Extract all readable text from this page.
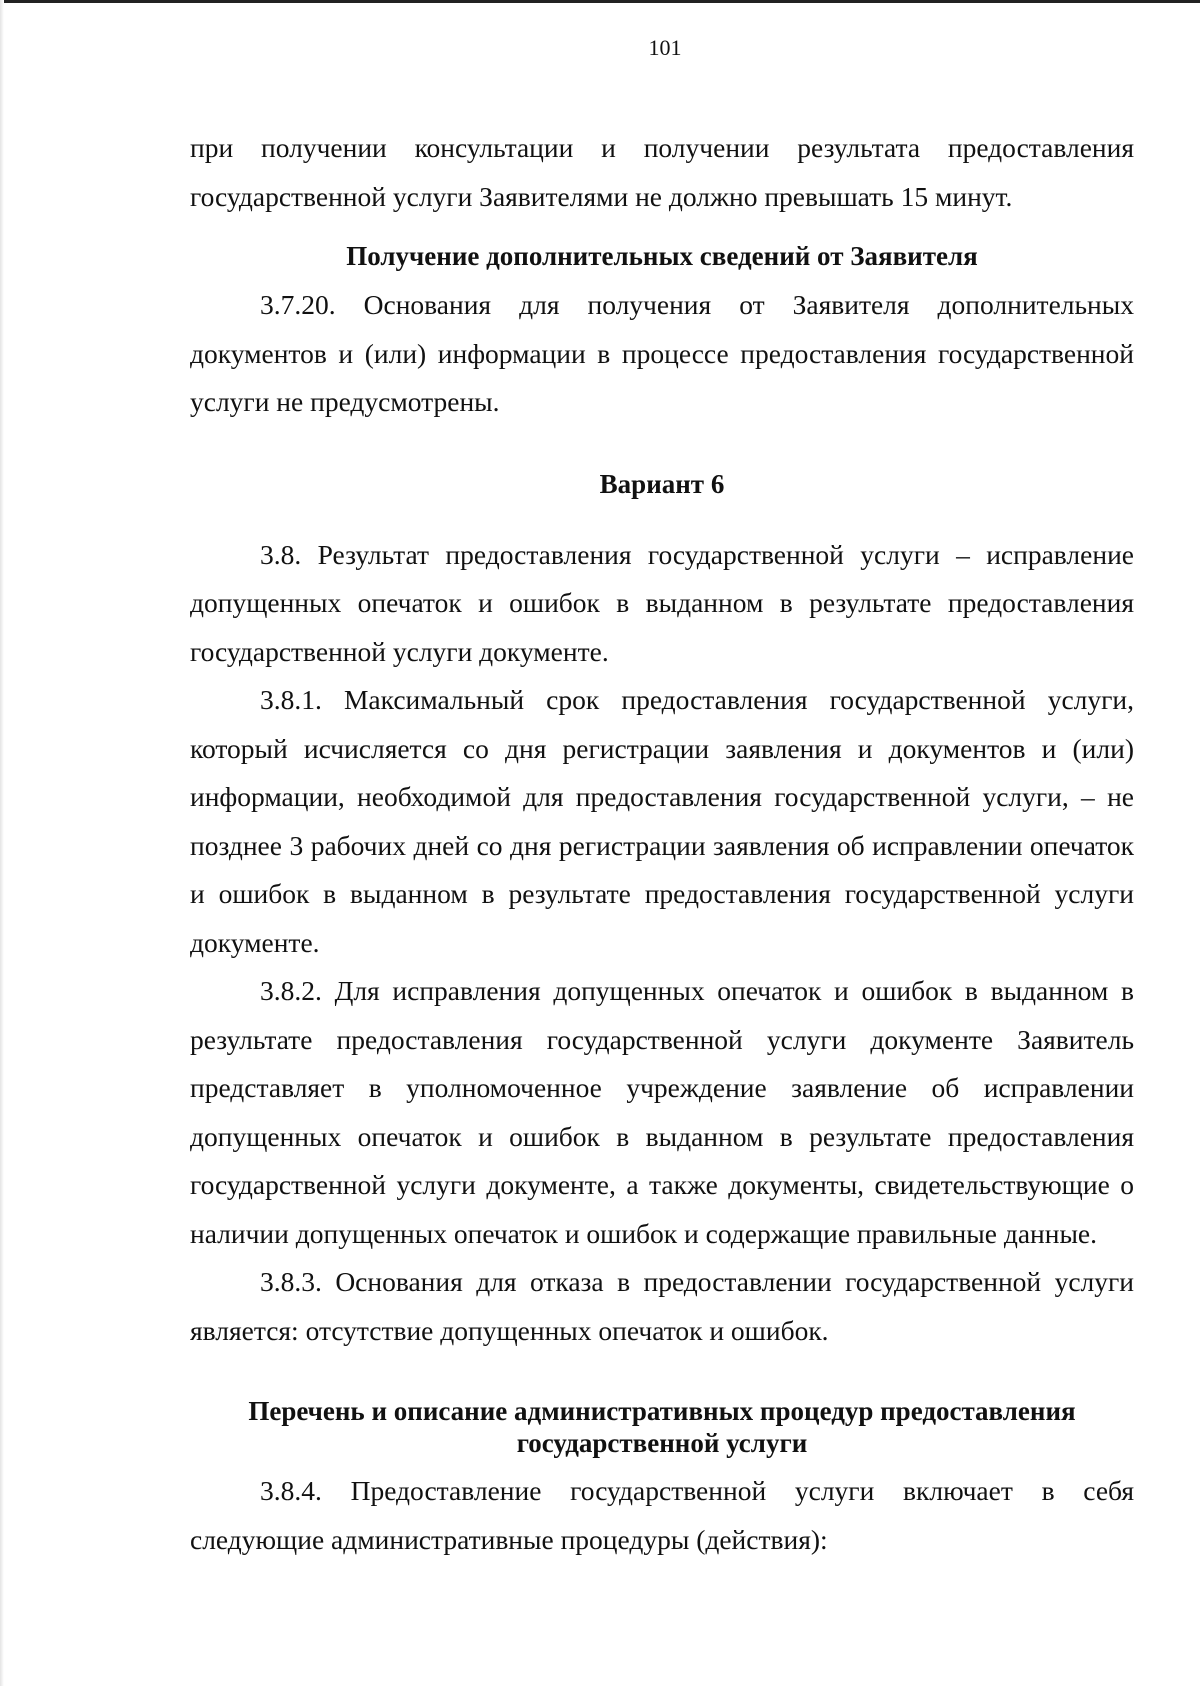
101

при получении консультации и получении результата предоставления государственной услуги Заявителями не должно превышать 15 минут.

Получение дополнительных сведений от Заявителя

3.7.20. Основания для получения от Заявителя дополнительных документов и (или) информации в процессе предоставления государственной услуги не предусмотрены.

Вариант 6

3.8. Результат предоставления государственной услуги – исправление допущенных опечаток и ошибок в выданном в результате предоставления государственной услуги документе.

3.8.1. Максимальный срок предоставления государственной услуги, который исчисляется со дня регистрации заявления и документов и (или) информации, необходимой для предоставления государственной услуги, – не позднее 3 рабочих дней со дня регистрации заявления об исправлении опечаток и ошибок в выданном в результате предоставления государственной услуги документе.

3.8.2. Для исправления допущенных опечаток и ошибок в выданном в результате предоставления государственной услуги документе Заявитель представляет в уполномоченное учреждение заявление об исправлении допущенных опечаток и ошибок в выданном в результате предоставления государственной услуги документе, а также документы, свидетельствующие о наличии допущенных опечаток и ошибок и содержащие правильные данные.

3.8.3. Основания для отказа в предоставлении государственной услуги является: отсутствие допущенных опечаток и ошибок.

Перечень и описание административных процедур предоставления
государственной услуги

3.8.4. Предоставление государственной услуги включает в себя следующие административные процедуры (действия):
